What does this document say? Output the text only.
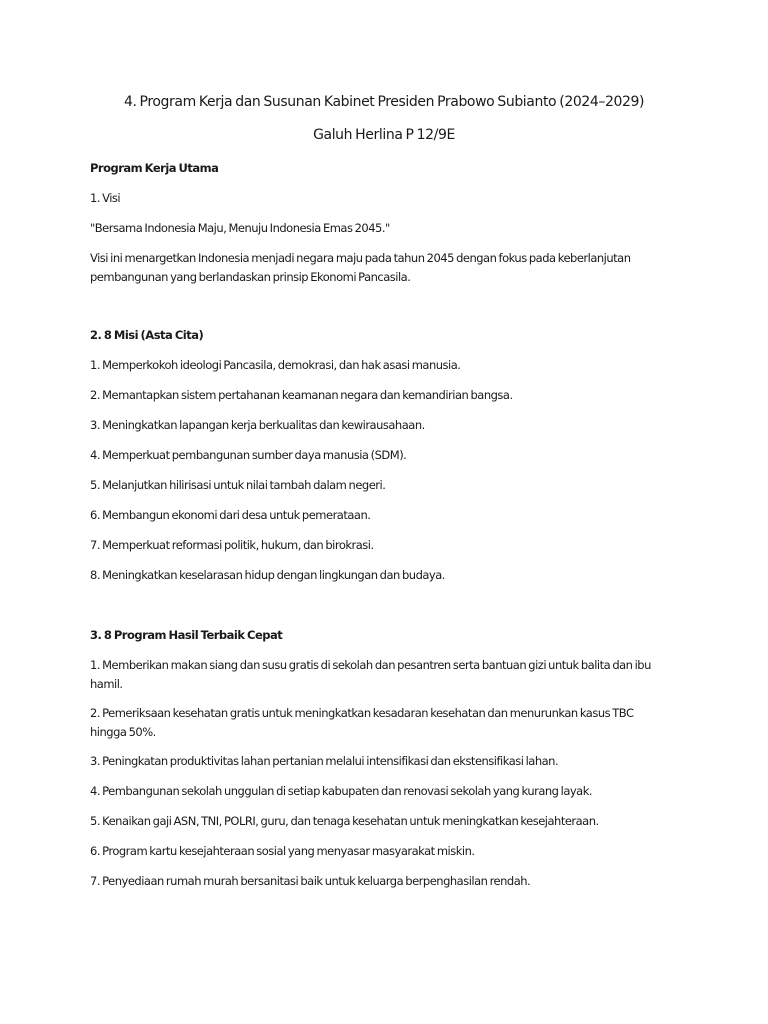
4. Program Kerja dan Susunan Kabinet Presiden Prabowo Subianto (2024–2029)
Galuh Herlina P 12/9E
Program Kerja Utama
1. Visi
"Bersama Indonesia Maju, Menuju Indonesia Emas 2045."
Visi ini menargetkan Indonesia menjadi negara maju pada tahun 2045 dengan fokus pada keberlanjutan
pembangunan yang berlandaskan prinsip Ekonomi Pancasila.
2. 8 Misi (Asta Cita)
1. Memperkokoh ideologi Pancasila, demokrasi, dan hak asasi manusia.
2. Memantapkan sistem pertahanan keamanan negara dan kemandirian bangsa.
3. Meningkatkan lapangan kerja berkualitas dan kewirausahaan.
4. Memperkuat pembangunan sumber daya manusia (SDM).
5. Melanjutkan hilirisasi untuk nilai tambah dalam negeri.
6. Membangun ekonomi dari desa untuk pemerataan.
7. Memperkuat reformasi politik, hukum, dan birokrasi.
8. Meningkatkan keselarasan hidup dengan lingkungan dan budaya.
3. 8 Program Hasil Terbaik Cepat
1. Memberikan makan siang dan susu gratis di sekolah dan pesantren serta bantuan gizi untuk balita dan ibu
hamil.
2. Pemeriksaan kesehatan gratis untuk meningkatkan kesadaran kesehatan dan menurunkan kasus TBC
hingga 50%.
3. Peningkatan produktivitas lahan pertanian melalui intensifikasi dan ekstensifikasi lahan.
4. Pembangunan sekolah unggulan di setiap kabupaten dan renovasi sekolah yang kurang layak.
5. Kenaikan gaji ASN, TNI, POLRI, guru, dan tenaga kesehatan untuk meningkatkan kesejahteraan.
6. Program kartu kesejahteraan sosial yang menyasar masyarakat miskin.
7. Penyediaan rumah murah bersanitasi baik untuk keluarga berpenghasilan rendah.
